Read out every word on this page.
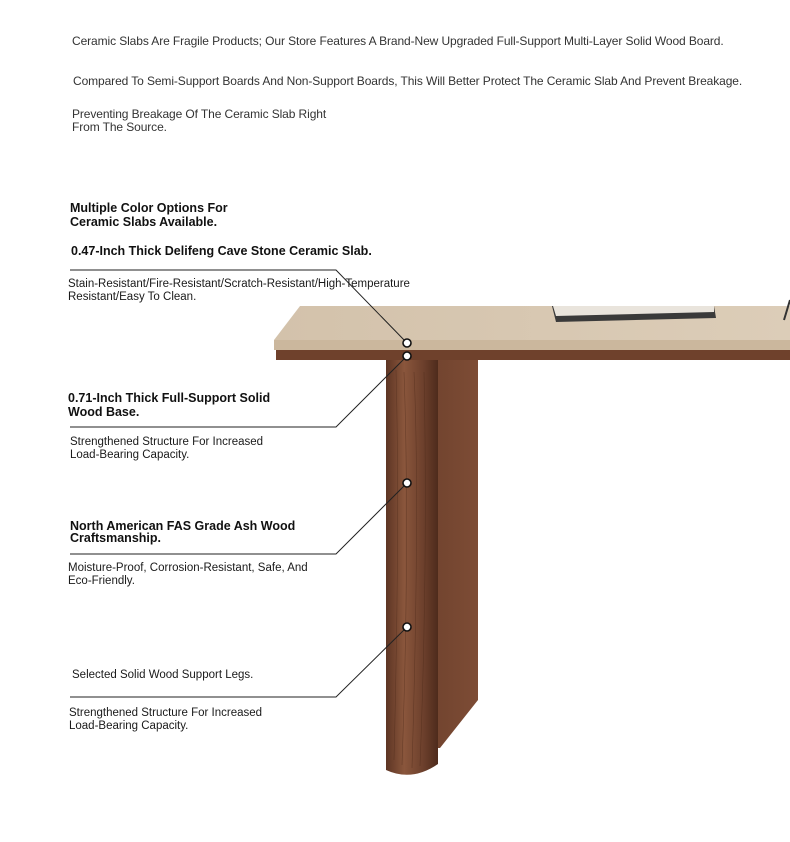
Ceramic Slabs Are Fragile Products; Our Store Features A Brand-New Upgraded Full-Support Multi-Layer Solid Wood Board.

Compared To Semi-Support Boards And Non-Support Boards, This Will Better Protect The Ceramic Slab And Prevent Breakage.

Preventing Breakage Of The Ceramic Slab Right
From The Source.

Multiple Color Options For
Ceramic Slabs Available.

0.47-Inch Thick Delifeng Cave Stone Ceramic Slab.

Stain-Resistant/Fire-Resistant/Scratch-Resistant/High-Temperature
Resistant/Easy To Clean.

0.71-Inch Thick Full-Support Solid
Wood Base.

Strengthened Structure For Increased
Load-Bearing Capacity.

North American FAS Grade Ash Wood
Craftsmanship.

Moisture-Proof, Corrosion-Resistant, Safe, And
Eco-Friendly.

Selected Solid Wood Support Legs.

Strengthened Structure For Increased
Load-Bearing Capacity.
